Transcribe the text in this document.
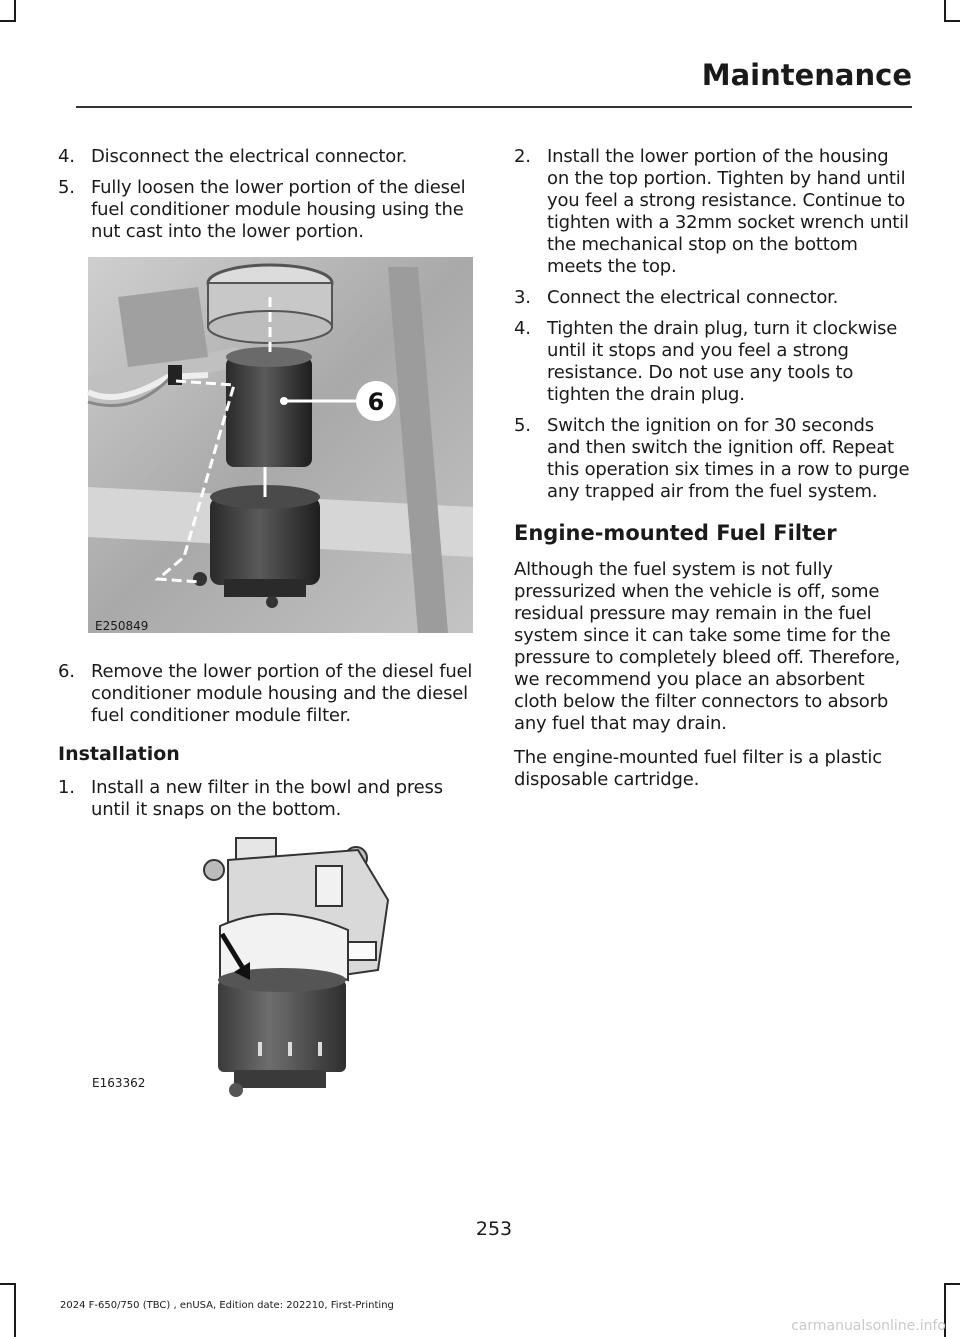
Maintenance
4. Disconnect the electrical connector.
5. Fully loosen the lower portion of the diesel fuel conditioner module housing using the nut cast into the lower portion.
6
E250849
6. Remove the lower portion of the diesel fuel conditioner module housing and the diesel fuel conditioner module filter.
Installation
1. Install a new filter in the bowl and press until it snaps on the bottom.
E163362
2. Install the lower portion of the housing on the top portion. Tighten by hand until you feel a strong resistance. Continue to tighten with a 32mm socket wrench until the mechanical stop on the bottom meets the top.
3. Connect the electrical connector.
4. Tighten the drain plug, turn it clockwise until it stops and you feel a strong resistance. Do not use any tools to tighten the drain plug.
5. Switch the ignition on for 30 seconds and then switch the ignition off. Repeat this operation six times in a row to purge any trapped air from the fuel system.
Engine-mounted Fuel Filter
Although the fuel system is not fully pressurized when the vehicle is off, some residual pressure may remain in the fuel system since it can take some time for the pressure to completely bleed off. Therefore, we recommend you place an absorbent cloth below the filter connectors to absorb any fuel that may drain.
The engine-mounted fuel filter is a plastic disposable cartridge.
253
2024 F-650/750 (TBC) , enUSA, Edition date: 202210, First-Printing
carmanualsonline.info
